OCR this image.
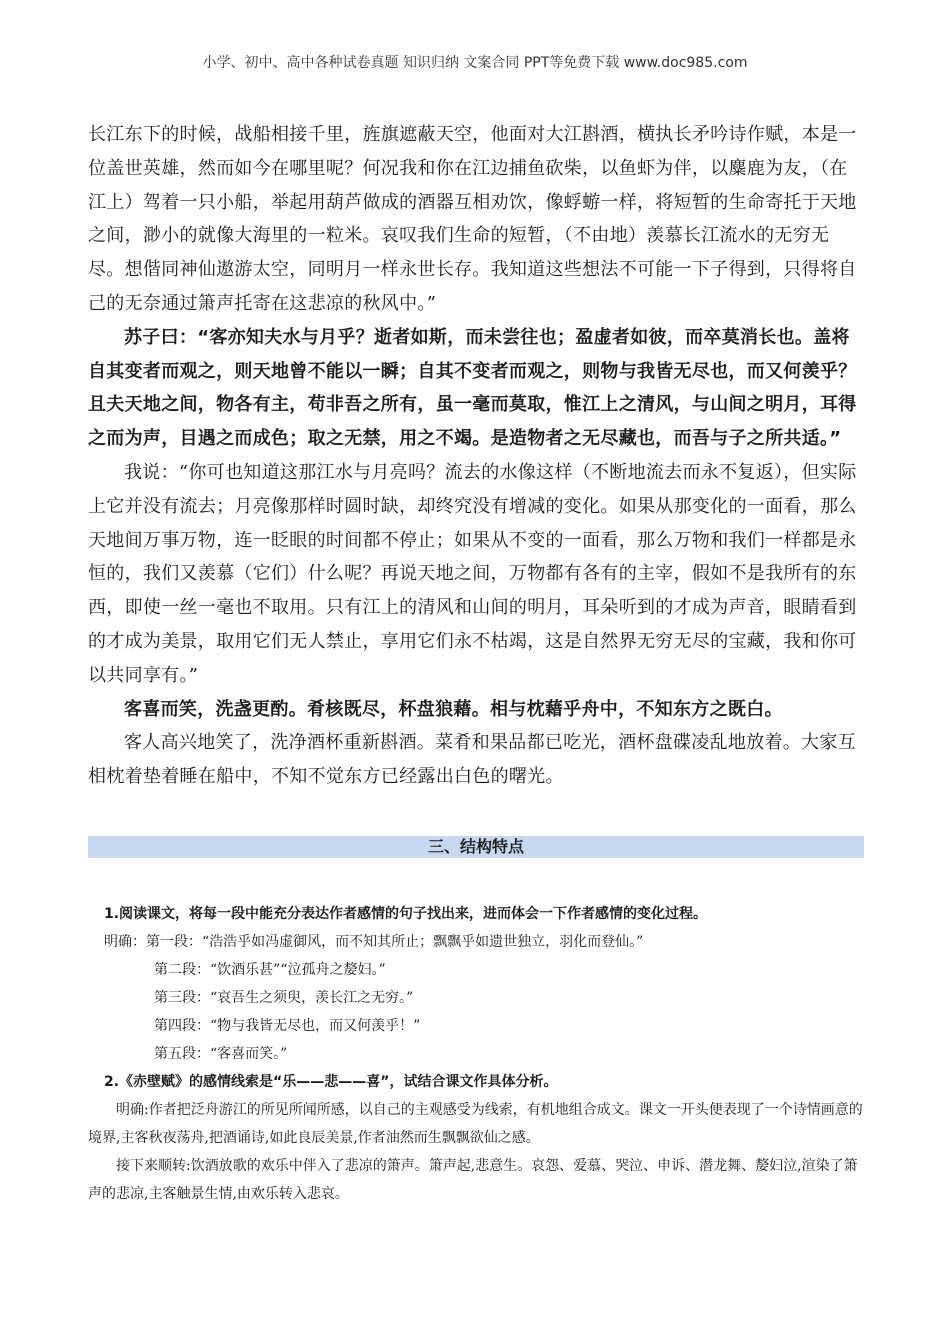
小学、初中、高中各种试卷真题 知识归纳 文案合同 PPT等免费下载 www.doc985.com

长江东下的时候，战船相接千里，旌旗遮蔽天空，他面对大江斟酒，横执长矛吟诗作赋，本是一位盖世英雄，然而如今在哪里呢？何况我和你在江边捕鱼砍柴，以鱼虾为伴，以麋鹿为友，（在江上）驾着一只小船，举起用葫芦做成的酒器互相劝饮，像蜉蝣一样，将短暂的生命寄托于天地之间，渺小的就像大海里的一粒米。哀叹我们生命的短暂，（不由地）羡慕长江流水的无穷无尽。想偕同神仙遨游太空，同明月一样永世长存。我知道这些想法不可能一下子得到，只得将自己的无奈通过箫声托寄在这悲凉的秋风中。”

苏子曰：“客亦知夫水与月乎？逝者如斯，而未尝往也；盈虚者如彼，而卒莫消长也。盖将自其变者而观之，则天地曾不能以一瞬；自其不变者而观之，则物与我皆无尽也，而又何羡乎？且夫天地之间，物各有主，苟非吾之所有，虽一毫而莫取，惟江上之清风，与山间之明月，耳得之而为声，目遇之而成色；取之无禁，用之不竭。是造物者之无尽藏也，而吾与子之所共适。”

我说：“你可也知道这那江水与月亮吗？流去的水像这样（不断地流去而永不复返），但实际上它并没有流去；月亮像那样时圆时缺，却终究没有增减的变化。如果从那变化的一面看，那么天地间万事万物，连一眨眼的时间都不停止；如果从不变的一面看，那么万物和我们一样都是永恒的，我们又羡慕（它们）什么呢？再说天地之间，万物都有各有的主宰，假如不是我所有的东西，即使一丝一毫也不取用。只有江上的清风和山间的明月，耳朵听到的才成为声音，眼睛看到的才成为美景，取用它们无人禁止，享用它们永不枯竭，这是自然界无穷无尽的宝藏，我和你可以共同享有。”

客喜而笑，洗盏更酌。肴核既尽，杯盘狼藉。相与枕藉乎舟中，不知东方之既白。

客人高兴地笑了，洗净酒杯重新斟酒。菜肴和果品都已吃光，酒杯盘碟凌乱地放着。大家互相枕着垫着睡在船中，不知不觉东方已经露出白色的曙光。

三、结构特点
1.阅读课文，将每一段中能充分表达作者感情的句子找出来，进而体会一下作者感情的变化过程。
明确：第一段：“浩浩乎如冯虚御风，而不知其所止；飘飘乎如遗世独立，羽化而登仙。”
第二段：“饮酒乐甚”“泣孤舟之嫠妇。”
第三段：“哀吾生之须臾，羡长江之无穷。”
第四段：“物与我皆无尽也，而又何羡乎！”
第五段：“客喜而笑。”
2.《赤壁赋》的感情线索是“乐——悲——喜”，试结合课文作具体分析。

明确:作者把泛舟游江的所见所闻所感，以自己的主观感受为线索，有机地组合成文。课文一开头便表现了一个诗情画意的境界,主客秋夜荡舟,把酒诵诗,如此良辰美景,作者油然而生飘飘欲仙之感。

接下来顺转:饮酒放歌的欢乐中伴入了悲凉的箫声。箫声起,悲意生。哀怨、爱慕、哭泣、申诉、潜龙舞、嫠妇泣,渲染了箫声的悲凉,主客触景生情,由欢乐转入悲哀。
